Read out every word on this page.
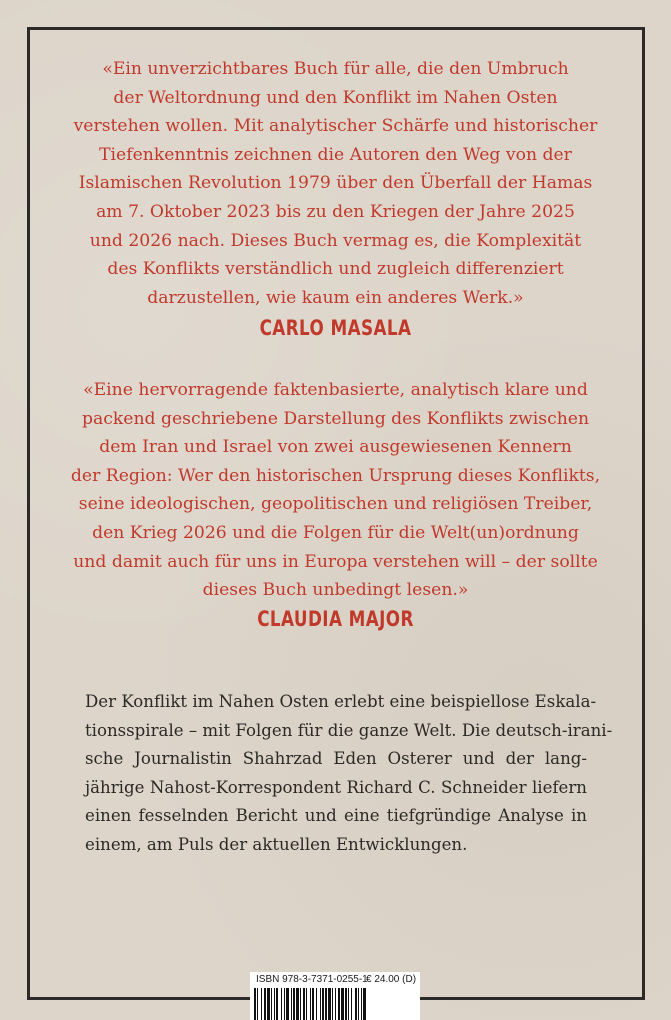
«Ein unverzichtbares Buch für alle, die den Umbruch
der Weltordnung und den Konflikt im Nahen Osten
verstehen wollen. Mit analytischer Schärfe und historischer
Tiefenkenntnis zeichnen die Autoren den Weg von der
Islamischen Revolution 1979 über den Überfall der Hamas
am 7. Oktober 2023 bis zu den Kriegen der Jahre 2025
und 2026 nach. Dieses Buch vermag es, die Komplexität
des Konflikts verständlich und zugleich differenziert
darzustellen, wie kaum ein anderes Werk.»

CARLO MASALA

«Eine hervorragende faktenbasierte, analytisch klare und
packend geschriebene Darstellung des Konflikts zwischen
dem Iran und Israel von zwei ausgewiesenen Kennern
der Region: Wer den historischen Ursprung dieses Konflikts,
seine ideologischen, geopolitischen und religiösen Treiber,
den Krieg 2026 und die Folgen für die Welt(un)ordnung
und damit auch für uns in Europa verstehen will – der sollte
dieses Buch unbedingt lesen.»

CLAUDIA MAJOR

Der Konflikt im Nahen Osten erlebt eine beispiellose Eskala-
tionsspirale – mit Folgen für die ganze Welt. Die deutsch-irani-
sche Journalistin Shahrzad Eden Osterer und der lang-
jährige Nahost-Korrespondent Richard C. Schneider liefern
einen fesselnden Bericht und eine tiefgründige Analyse in
einem, am Puls der aktuellen Entwicklungen.

ISBN 978-3-7371-0255-1
€ 24.00 (D)
